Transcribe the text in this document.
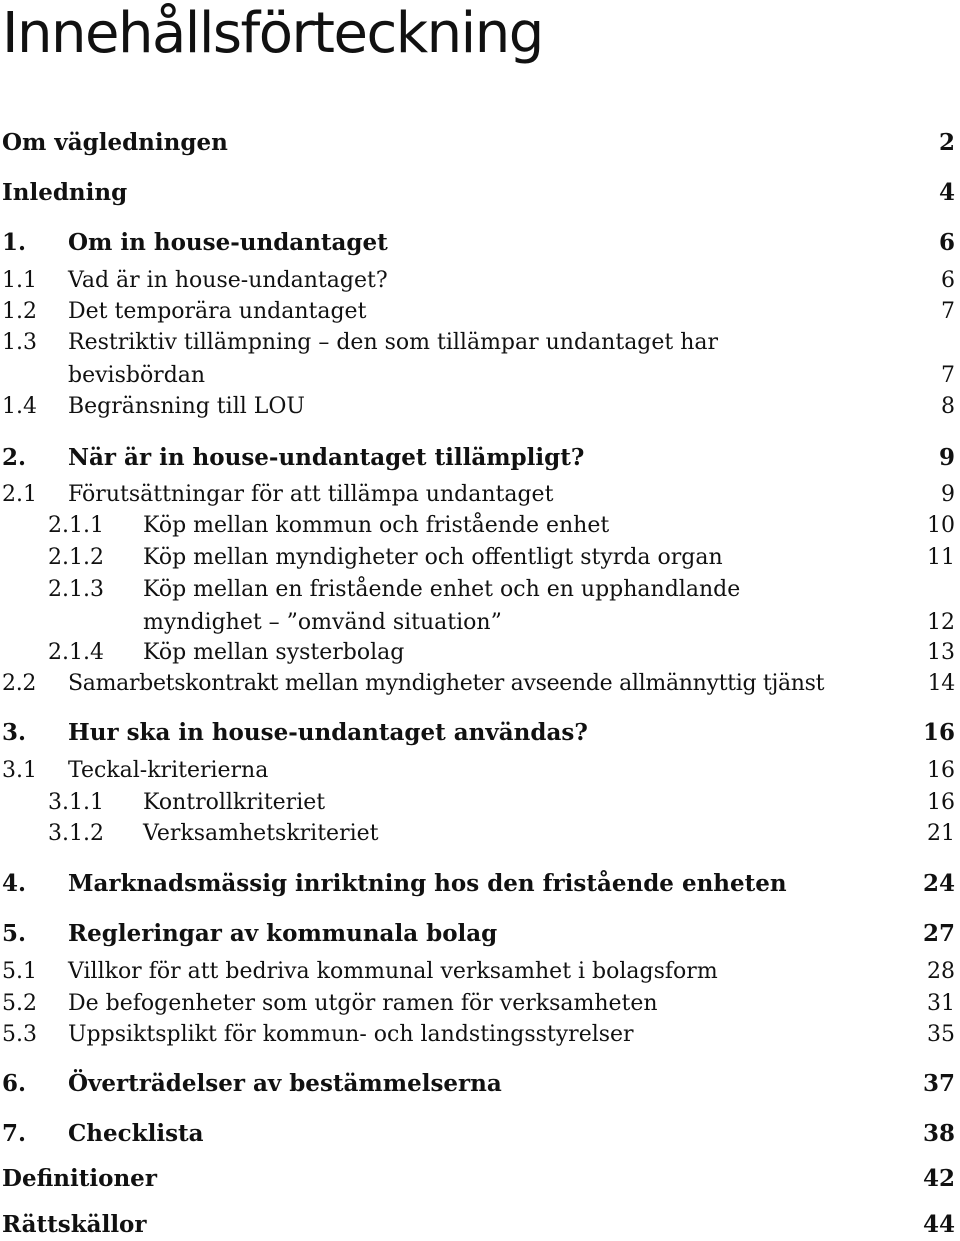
Innehållsförteckning
Om vägledningen	2
Inledning	4
1. Om in house-undantaget	6
1.1 Vad är in house-undantaget?	6
1.2 Det temporära undantaget	7
1.3 Restriktiv tillämpning – den som tillämpar undantaget har
bevisbördan	7
1.4 Begränsning till LOU	8
2. När är in house-undantaget tillämpligt?	9
2.1 Förutsättningar för att tillämpa undantaget	9
2.1.1 Köp mellan kommun och fristående enhet	10
2.1.2 Köp mellan myndigheter och offentligt styrda organ	11
2.1.3 Köp mellan en fristående enhet och en upphandlande
myndighet – ”omvänd situation”	12
2.1.4 Köp mellan systerbolag	13
2.2 Samarbetskontrakt mellan myndigheter avseende allmännyttig tjänst	14
3. Hur ska in house-undantaget användas?	16
3.1 Teckal-kriterierna	16
3.1.1 Kontrollkriteriet	16
3.1.2 Verksamhetskriteriet	21
4. Marknadsmässig inriktning hos den fristående enheten	24
5. Regleringar av kommunala bolag	27
5.1 Villkor för att bedriva kommunal verksamhet i bolagsform	28
5.2 De befogenheter som utgör ramen för verksamheten	31
5.3 Uppsiktsplikt för kommun- och landstingsstyrelser	35
6. Överträdelser av bestämmelserna	37
7. Checklista	38
Definitioner	42
Rättskällor	44
